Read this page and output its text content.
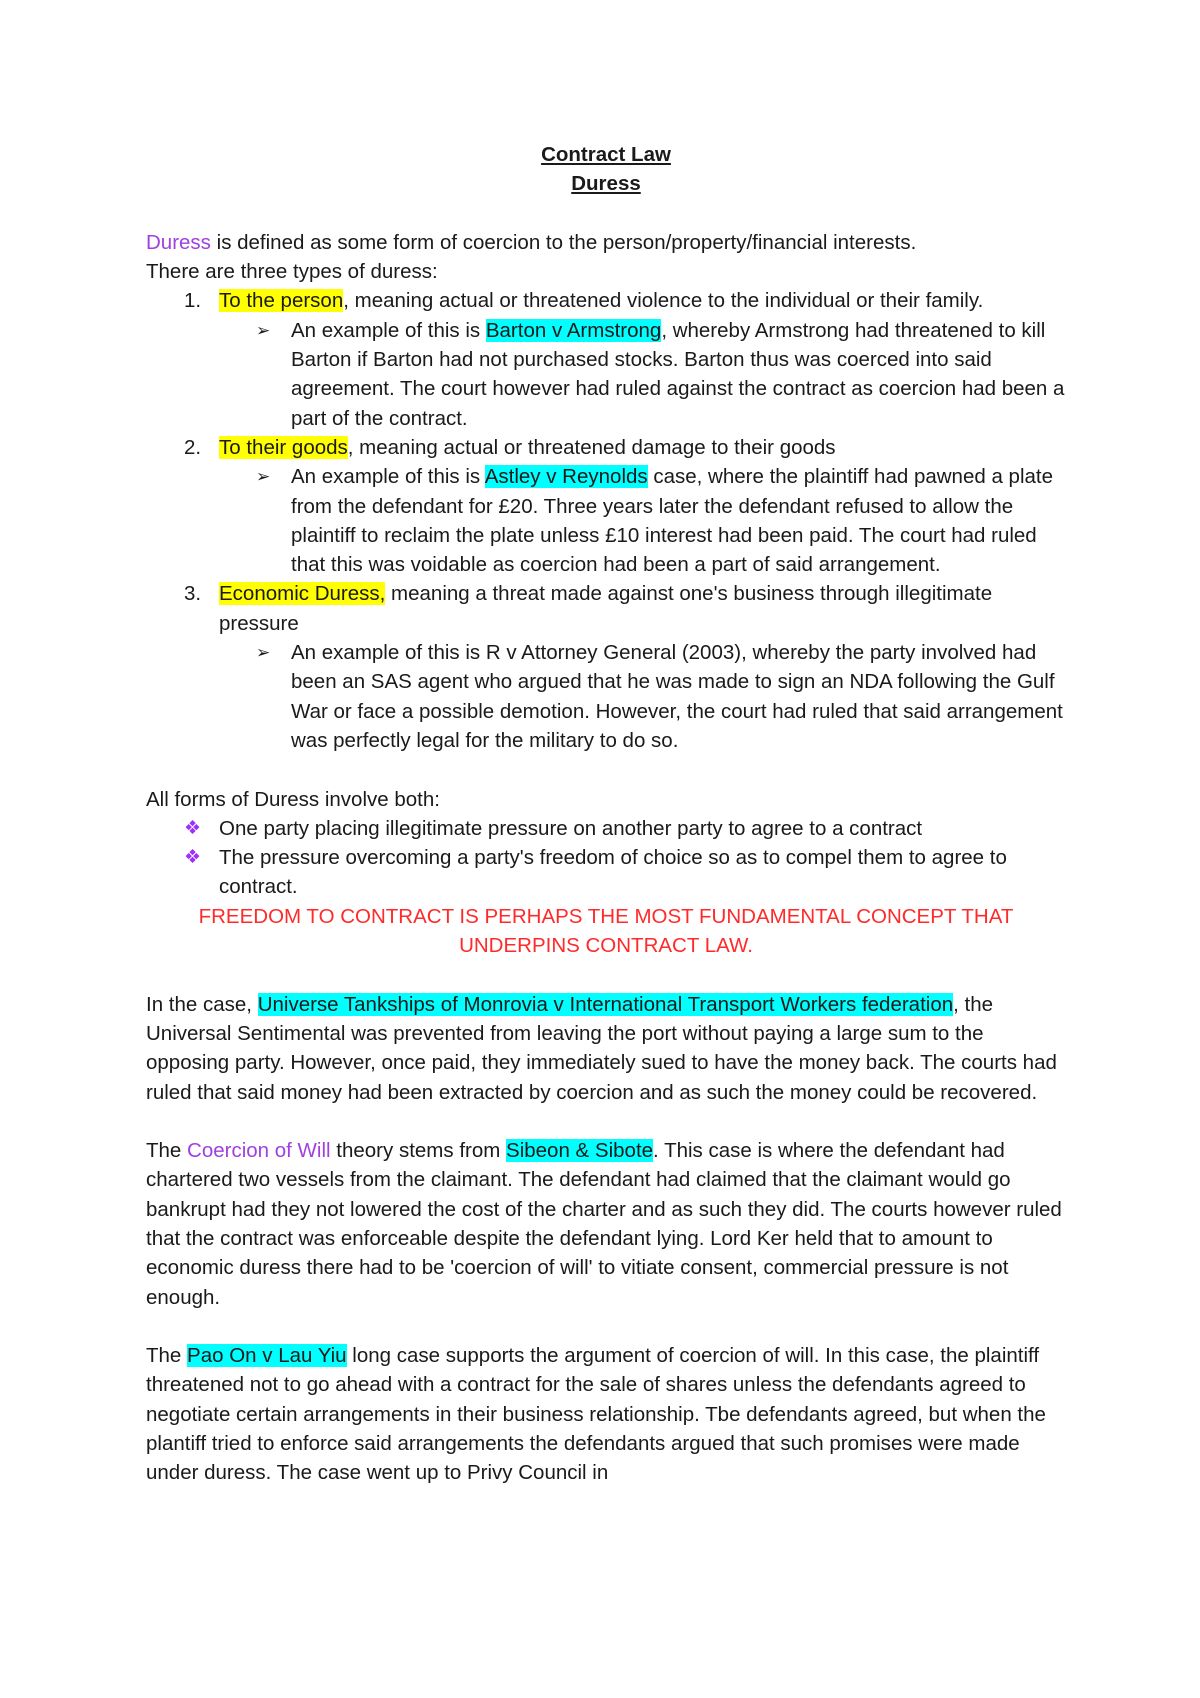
Contract Law
Duress

Duress is defined as some form of coercion to the person/property/financial interests.

There are three types of duress:

1. To the person, meaning actual or threatened violence to the individual or their family.
➢	An example of this is Barton v Armstrong, whereby Armstrong had threatened to kill Barton if Barton had not purchased stocks. Barton thus was coerced into said agreement. The court however had ruled against the contract as coercion had been a part of the contract.
2. To their goods, meaning actual or threatened damage to their goods
➢	An example of this is Astley v Reynolds case, where the plaintiff had pawned a plate from the defendant for £20. Three years later the defendant refused to allow the plaintiff to reclaim the plate unless £10 interest had been paid. The court had ruled that this was voidable as coercion had been a part of said arrangement.
3. Economic Duress, meaning a threat made against one's business through illegitimate pressure
➢	An example of this is R v Attorney General (2003), whereby the party involved had been an SAS agent who argued that he was made to sign an NDA following the Gulf War or face a possible demotion. However, the court had ruled that said arrangement was perfectly legal for the military to do so.

All forms of Duress involve both:

❖ One party placing illegitimate pressure on another party to agree to a contract
❖ The pressure overcoming a party's freedom of choice so as to compel them to agree to contract.

FREEDOM TO CONTRACT IS PERHAPS THE MOST FUNDAMENTAL CONCEPT THAT UNDERPINS CONTRACT LAW.

In the case, Universe Tankships of Monrovia v International Transport Workers federation, the Universal Sentimental was prevented from leaving the port without paying a large sum to the opposing party. However, once paid, they immediately sued to have the money back. The courts had ruled that said money had been extracted by coercion and as such the money could be recovered.

The Coercion of Will theory stems from Sibeon & Sibote. This case is where the defendant had chartered two vessels from the claimant. The defendant had claimed that the claimant would go bankrupt had they not lowered the cost of the charter and as such they did. The courts however ruled that the contract was enforceable despite the defendant lying. Lord Ker held that to amount to economic duress there had to be 'coercion of will' to vitiate consent, commercial pressure is not enough.

The Pao On v Lau Yiu long case supports the argument of coercion of will. In this case, the plaintiff threatened not to go ahead with a contract for the sale of shares unless the defendants agreed to negotiate certain arrangements in their business relationship. Tbe defendants agreed, but when the plantiff tried to enforce said arrangements the defendants argued that such promises were made under duress. The case went up to Privy Council in
